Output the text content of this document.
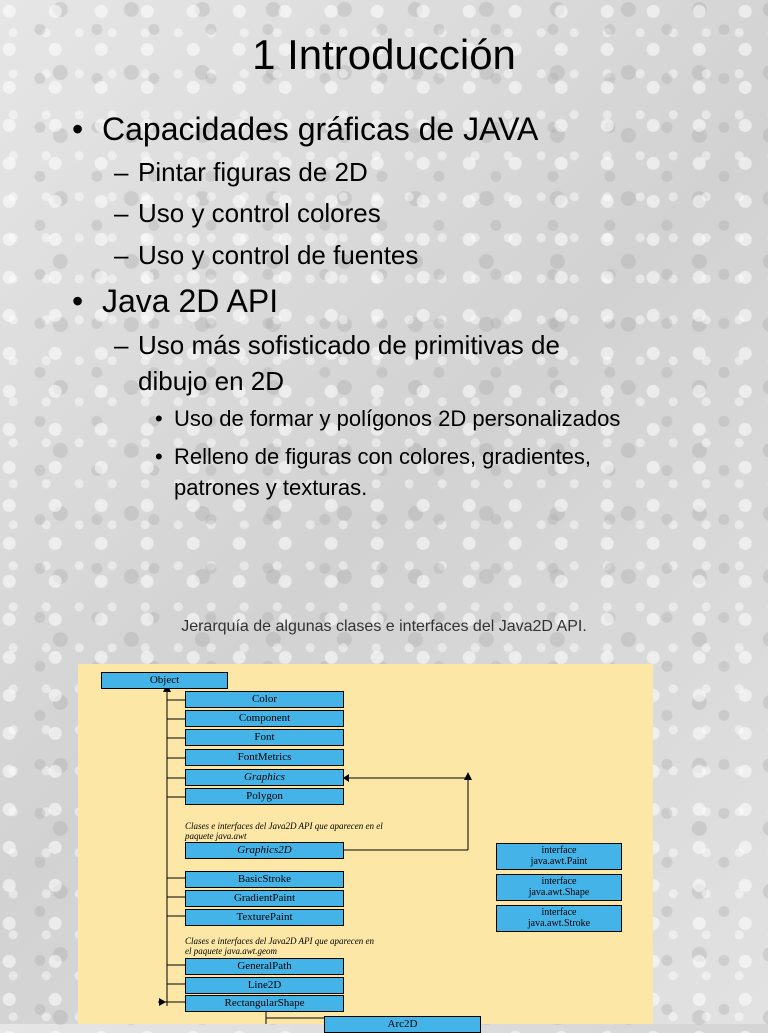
1 Introducción
• Capacidades gráficas de JAVA
– Pintar figuras de 2D
– Uso y control colores
– Uso y control de fuentes
• Java 2D API
– Uso más sofisticado de primitivas de
dibujo en 2D
• Uso de formar y polígonos 2D personalizados
• Relleno de figuras con colores, gradientes,
patrones y texturas.
Jerarquía de algunas clases e interfaces del Java2D API.
Object
Color
Component
Font
FontMetrics
Graphics
Polygon
Clases e interfaces del Java2D API que aparecen en el
paquete java.awt
Graphics2D
BasicStroke
GradientPaint
TexturePaint
Clases e interfaces del Java2D API que aparecen en
el paquete java.awt.geom
GeneralPath
Line2D
RectangularShape
Arc2D
interface
java.awt.Paint
interface
java.awt.Shape
interface
java.awt.Stroke
